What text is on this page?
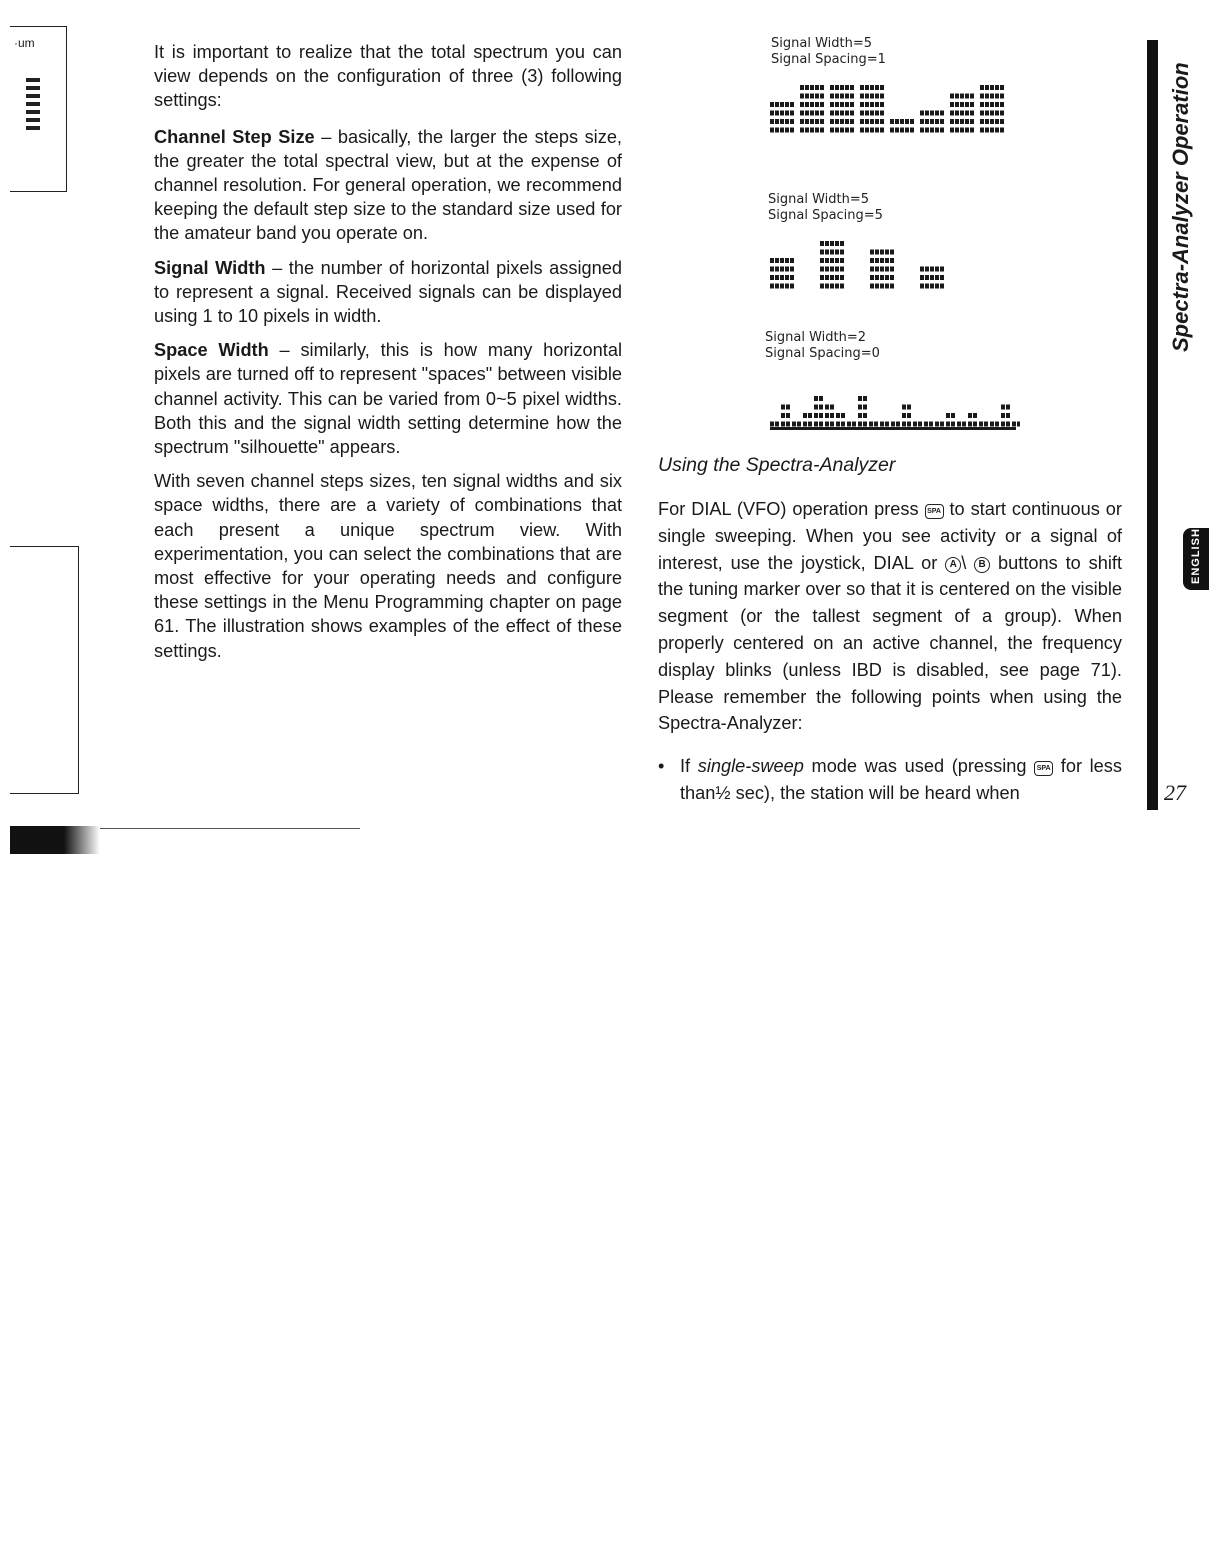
·um	It is important to realize that the total spectrum you can view depends on the configuration of three (3) following settings:

Channel Step Size – basically, the larger the steps size, the greater the total spectral view, but at the expense of channel resolution. For general operation, we recommend keeping the default step size to the standard size used for the amateur band you operate on.

Signal Width – the number of horizontal pixels assigned to represent a signal. Received signals can be displayed using 1 to 10 pixels in width.

Space Width – similarly, this is how many horizontal pixels are turned off to represent "spaces" between visible channel activity. This can be varied from 0~5 pixel widths. Both this and the signal width setting determine how the spectrum "silhouette" appears.

With seven channel steps sizes, ten signal widths and six space widths, there are a variety of combinations that each present a unique spectrum view. With experimentation, you can select the combinations that are most effective for your operating needs and configure these settings in the Menu Programming chapter on page 61. The illustration shows examples of the effect of these settings.

Signal Width=5
Signal Spacing=1
Signal Width=5
Signal Spacing=5
Signal Width=2
Signal Spacing=0
Using the Spectra-Analyzer

For DIAL (VFO) operation press SPA to start continuous or single sweeping. When you see activity or a signal of interest, use the joystick, DIAL or A \ B buttons to shift the tuning marker over so that it is centered on the visible segment (or the tallest segment of a group). When properly centered on an active channel, the frequency display blinks (unless IBD is disabled, see page 71). Please remember the following points when using the Spectra-Analyzer:

• If single-sweep mode was used (pressing SPA for less than½ sec), the station will be heard when
Spectra-Analyzer Operation
ENGLISH
27
